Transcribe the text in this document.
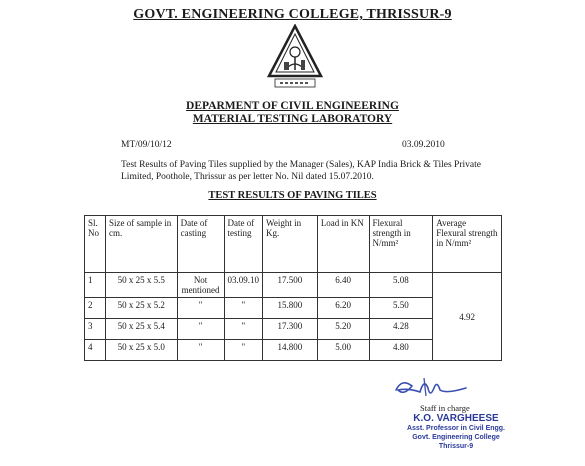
GOVT. ENGINEERING COLLEGE, THRISSUR-9
DEPARMENT OF CIVIL ENGINEERING
MATERIAL TESTING LABORATORY
MT/09/10/12	03.09.2010
Test Results of Paving Tiles supplied by the Manager (Sales), KAP India Brick & Tiles Private Limited, Poothole, Thrissur as per letter No. Nil dated 15.07.2010.
TEST RESULTS OF PAVING TILES
Sl. No	Size of sample in cm.	Date of casting	Date of testing	Weight in Kg.	Load in KN	Flexural strength in N/mm²	Average Flexural strength in N/mm²
1	50 x 25 x 5.5	Not mentioned	03.09.10	17.500	6.40	5.08	4.92
2	50 x 25 x 5.2	"	"	15.800	6.20	5.50	
3	50 x 25 x 5.4	"	"	17.300	5.20	4.28	
4	50 x 25 x 5.0	"	"	14.800	5.00	4.80	
Staff in charge
K.O. VARGHEESE
Asst. Professor in Civil Engg.
Govt. Engineering College
Thrissur-9
